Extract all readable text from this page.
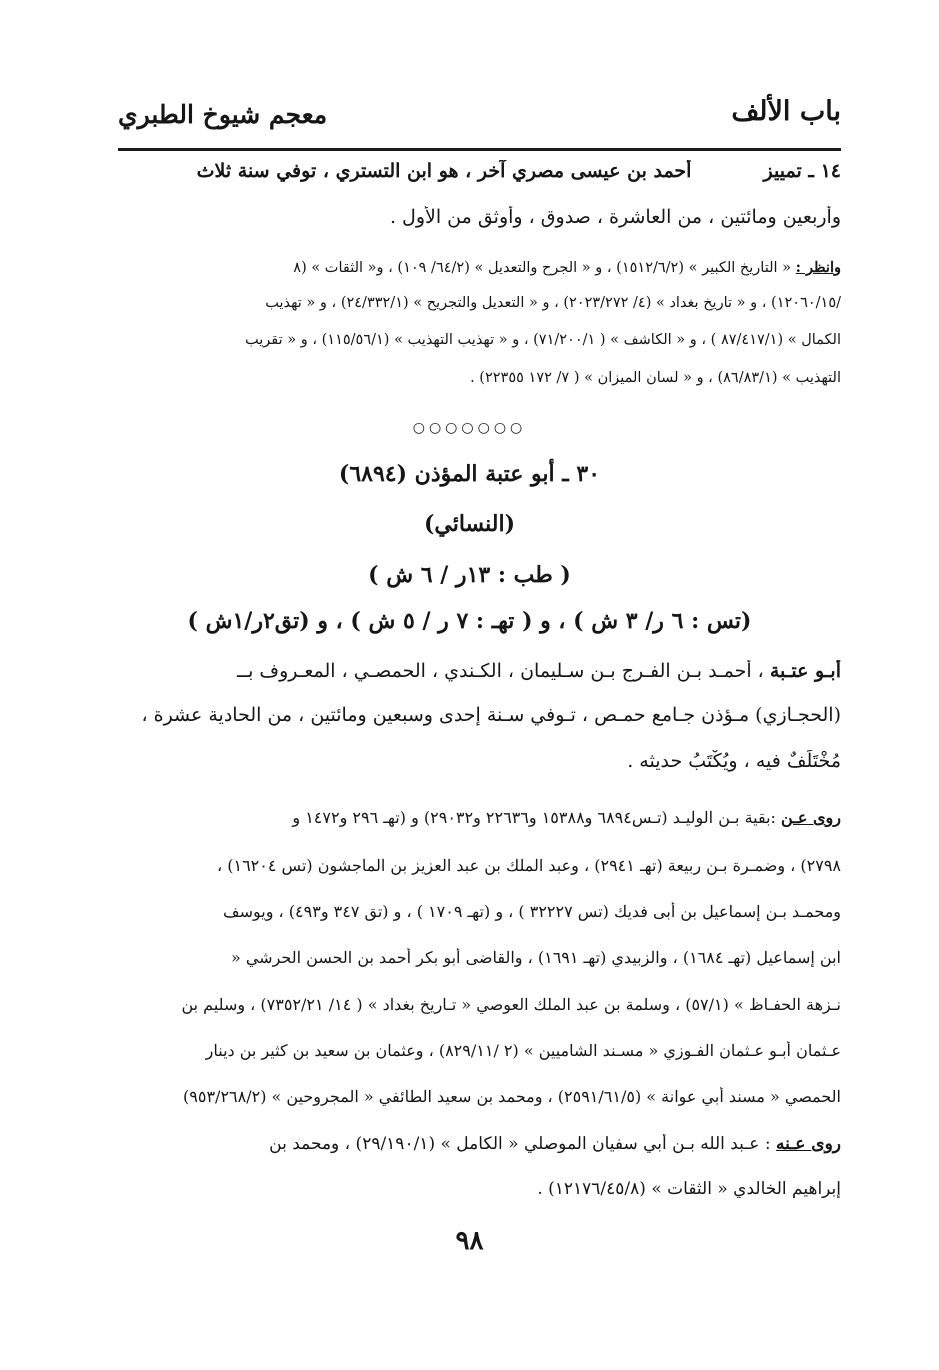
باب الألف
معجم شيوخ الطبري
١٤ ـ تمييز  أحمد بن عيسى مصري آخر ، هو ابن التستري ، توفي سنة ثلاث
وأربعين ومائتين ، من العاشرة ، صدوق ، وأوثق من الأول .
وانظر : « التاريخ الكبير » (١٥١٢/٦/٢) ، و « الجرح والتعديل » (٦٤/٢/ ١٠٩) ، و« الثقات » (٨
/١٢٠٦٠/١٥) ، و « تاريخ بغداد » (٤/ ٢٠٢٣/٢٧٢) ، و « التعديل والتجريح » (٢٤/٣٣٢/١) ، و « تهذيب
الكمال » (٨٧/٤١٧/١ ) ، و « الكاشف » ( ٧١/٢٠٠/١) ، و « تهذيب التهذيب » (١١٥/٥٦/١) ، و « تقريب
التهذيب » (٨٦/٨٣/١) ، و « لسان الميزان » ( ٧/ ١٧٢ ٢٢٣٥٥) .
○○○○○○○
٣٠ ـ أبو عتبة المؤذن (٦٨٩٤)
(النسائي)
( طب : ١٣ر / ٦ ش )
(تس : ٦ ر/ ٣ ش ) ، و ( تهـ : ٧ ر / ٥ ش ) ، و (تق٢ر/١ش )
أبـو عتـبة ، أحمـد بـن الفـرج بـن سـليمان ، الكـندي ، الحمصـي ، المعـروف بــ
(الحجـازي) مـؤذن جـامع حمـص ، تـوفي سـنة إحدى وسبعين ومائتين ، من الحادية عشرة ،
مُخْتَلَفٌ فيه ، ويُكْتَبُ حديثه .
روى عـن :بقية بـن الوليـد (تـس٦٨٩٤ و١٥٣٨٨ و٢٢٦٣٦ و٢٩٠٣٢) و (تهـ ٢٩٦ و١٤٧٢ و
٢٧٩٨) ، وضمـرة بـن ربيعة (تهـ ٢٩٤١) ، وعبد الملك بن عبد العزيز بن الماجشون (تس ١٦٢٠٤) ،
ومحمـد بـن إسماعيل بن أبى فديك (تس ٣٢٢٢٧ ) ، و (تهـ ١٧٠٩ ) ، و (تق ٣٤٧ و٤٩٣) ، ويوسف
ابن إسماعيل (تهـ ١٦٨٤) ، والزبيدي (تهـ ١٦٩١) ، والقاضى أبو بكر أحمد بن الحسن الحرشي «
نـزهة الحفـاظ » (٥٧/١) ، وسلمة بن عبد الملك العوصي « تـاريخ بغداد » ( ١٤/ ٧٣٥٢/٢١) ، وسليم بن
عـثمان أبـو عـثمان الفـوزي « مسـند الشاميين » (٢ /٨٢٩/١١) ، وعثمان بن سعيد بن كثير بن دينار
الحمصي « مسند أبي عوانة » (٢٥٩١/٦١/٥) ، ومحمد بن سعيد الطائفي « المجروحين » (٩٥٣/٢٦٨/٢)
روى عـنه : عـبد الله بـن أبي سفيان الموصلي « الكامل » (٢٩/١٩٠/١) ، ومحمد بن
إبراهيم الخالدي « الثقات » (١٢١٧٦/٤٥/٨) .
٩٨
